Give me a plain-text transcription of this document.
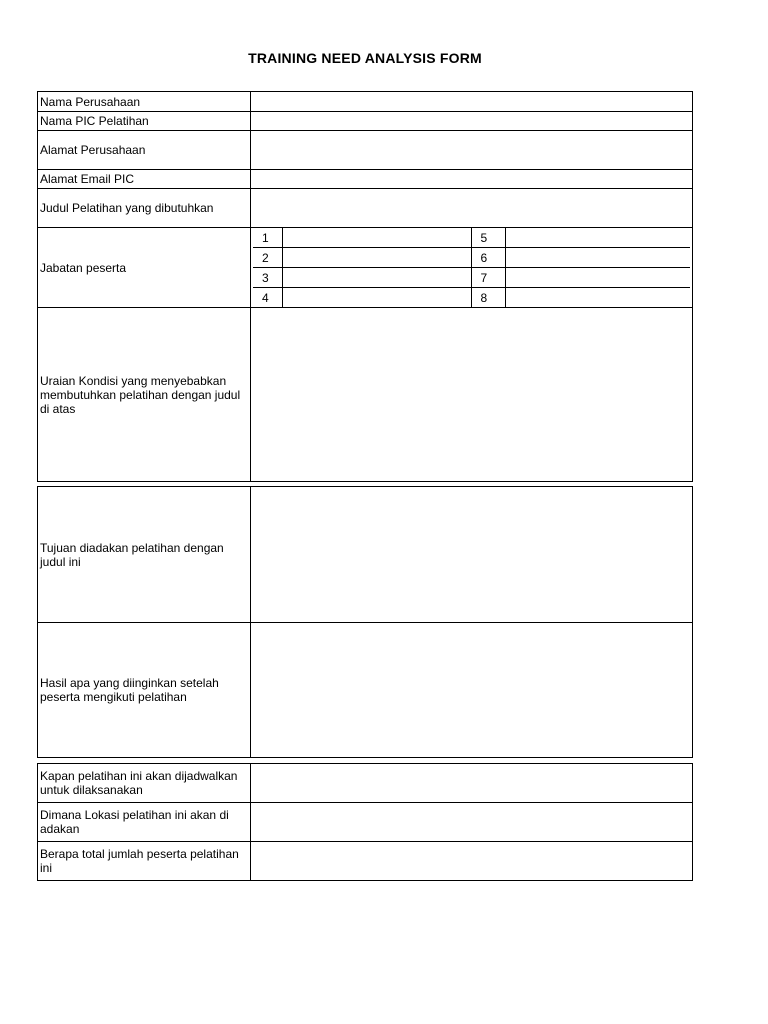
TRAINING NEED ANALYSIS FORM
Nama Perusahaan	
Nama PIC Pelatihan	
Alamat Perusahaan	
Alamat Email PIC	
Judul Pelatihan yang dibutuhkan	
Jabatan peserta	
1		5	
2		6	
3		7	
4		8	

Uraian Kondisi yang menyebabkan membutuhkan pelatihan dengan judul di atas	
Tujuan diadakan pelatihan dengan judul ini	
Hasil apa yang diinginkan setelah peserta mengikuti pelatihan	
Kapan pelatihan ini akan dijadwalkan untuk dilaksanakan	
Dimana Lokasi pelatihan ini akan di adakan	
Berapa total jumlah peserta pelatihan ini	
